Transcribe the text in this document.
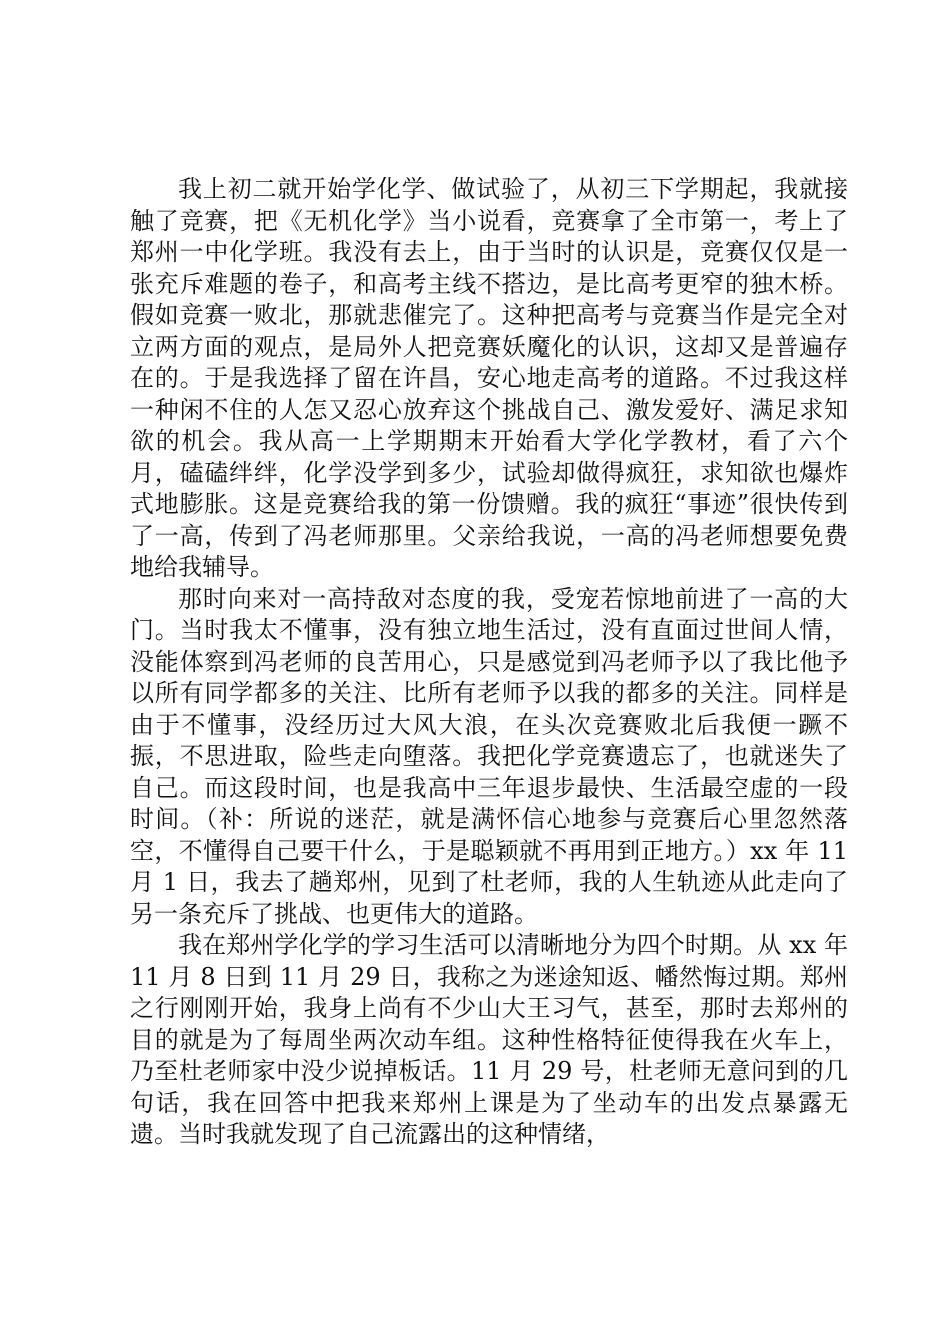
我上初二就开始学化学、做试验了，从初三下学期起，我就接触了竞赛，把《无机化学》当小说看，竞赛拿了全市第一，考上了郑州一中化学班。我没有去上，由于当时的认识是，竞赛仅仅是一张充斥难题的卷子，和高考主线不搭边，是比高考更窄的独木桥。假如竞赛一败北，那就悲催完了。这种把高考与竞赛当作是完全对立两方面的观点，是局外人把竞赛妖魔化的认识，这却又是普遍存在的。于是我选择了留在许昌，安心地走高考的道路。不过我这样一种闲不住的人怎又忍心放弃这个挑战自己、激发爱好、满足求知欲的机会。我从高一上学期期末开始看大学化学教材，看了六个月，磕磕绊绊，化学没学到多少，试验却做得疯狂，求知欲也爆炸式地膨胀。这是竞赛给我的第一份馈赠。我的疯狂“事迹”很快传到了一高，传到了冯老师那里。父亲给我说，一高的冯老师想要免费地给我辅导。

那时向来对一高持敌对态度的我，受宠若惊地前进了一高的大门。当时我太不懂事，没有独立地生活过，没有直面过世间人情，没能体察到冯老师的良苦用心，只是感觉到冯老师予以了我比他予以所有同学都多的关注、比所有老师予以我的都多的关注。同样是由于不懂事，没经历过大风大浪，在头次竞赛败北后我便一蹶不振，不思进取，险些走向堕落。我把化学竞赛遗忘了，也就迷失了自己。而这段时间，也是我高中三年退步最快、生活最空虚的一段时间。（补：所说的迷茫，就是满怀信心地参与竞赛后心里忽然落空，不懂得自己要干什么，于是聪颖就不再用到正地方。）xx 年 11 月 1 日，我去了趟郑州，见到了杜老师，我的人生轨迹从此走向了另一条充斥了挑战、也更伟大的道路。

我在郑州学化学的学习生活可以清晰地分为四个时期。从 xx 年 11 月 8 日到 11 月 29 日，我称之为迷途知返、幡然悔过期。郑州之行刚刚开始，我身上尚有不少山大王习气，甚至，那时去郑州的目的就是为了每周坐两次动车组。这种性格特征使得我在火车上，乃至杜老师家中没少说掉板话。11 月 29 号，杜老师无意问到的几句话，我在回答中把我来郑州上课是为了坐动车的出发点暴露无遗。当时我就发现了自己流露出的这种情绪，
